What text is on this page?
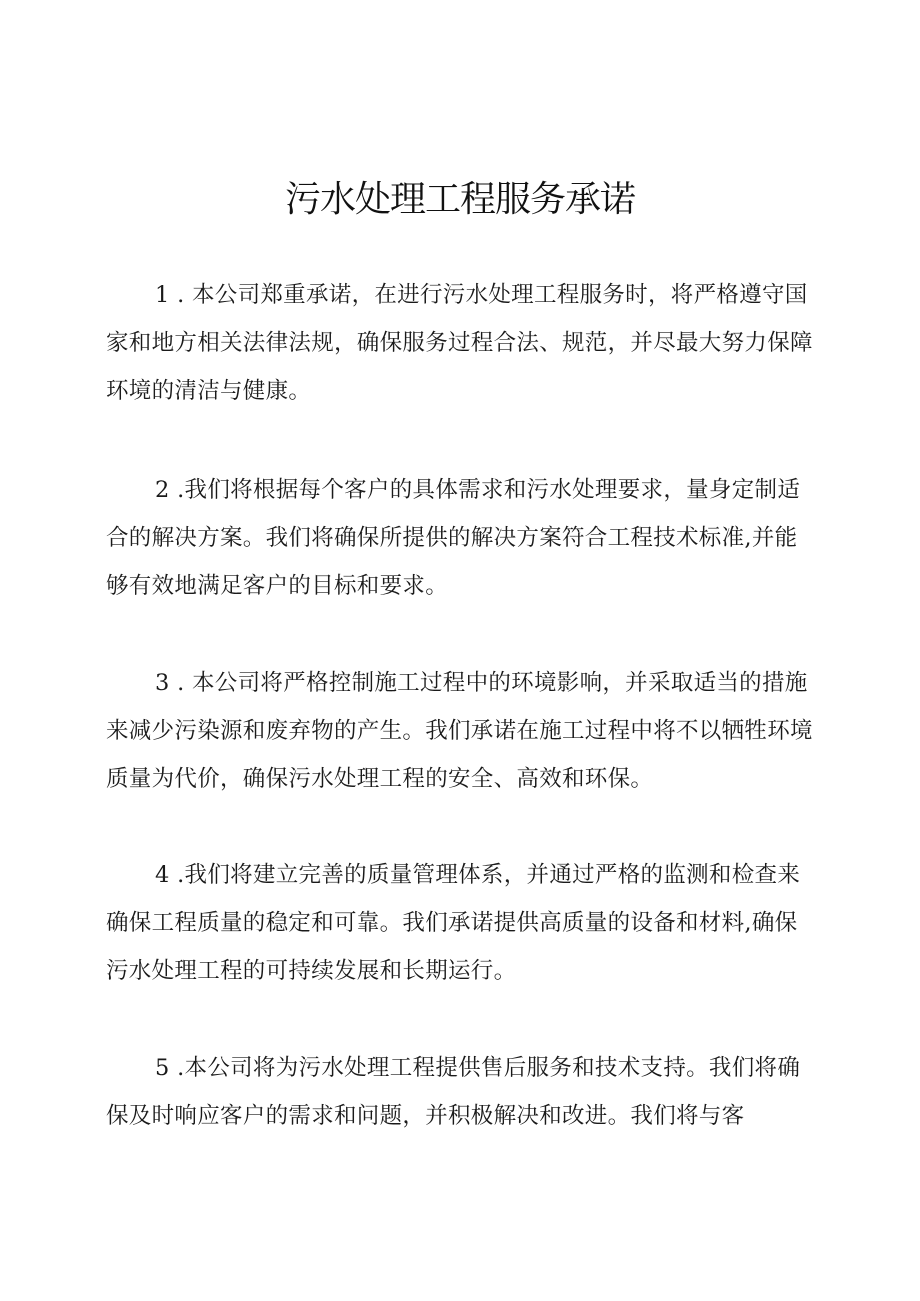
污水处理工程服务承诺

1 . 本公司郑重承诺，在进行污水处理工程服务时，将严格遵守国
家和地方相关法律法规，确保服务过程合法、规范，并尽最大努力保障
环境的清洁与健康。

2 .我们将根据每个客户的具体需求和污水处理要求，量身定制适
合的解决方案。我们将确保所提供的解决方案符合工程技术标准,并能
够有效地满足客户的目标和要求。

3 . 本公司将严格控制施工过程中的环境影响，并采取适当的措施
来减少污染源和废弃物的产生。我们承诺在施工过程中将不以牺牲环境
质量为代价，确保污水处理工程的安全、高效和环保。

4 .我们将建立完善的质量管理体系，并通过严格的监测和检查来
确保工程质量的稳定和可靠。我们承诺提供高质量的设备和材料,确保
污水处理工程的可持续发展和长期运行。

5 .本公司将为污水处理工程提供售后服务和技术支持。我们将确
保及时响应客户的需求和问题，并积极解决和改进。我们将与客
